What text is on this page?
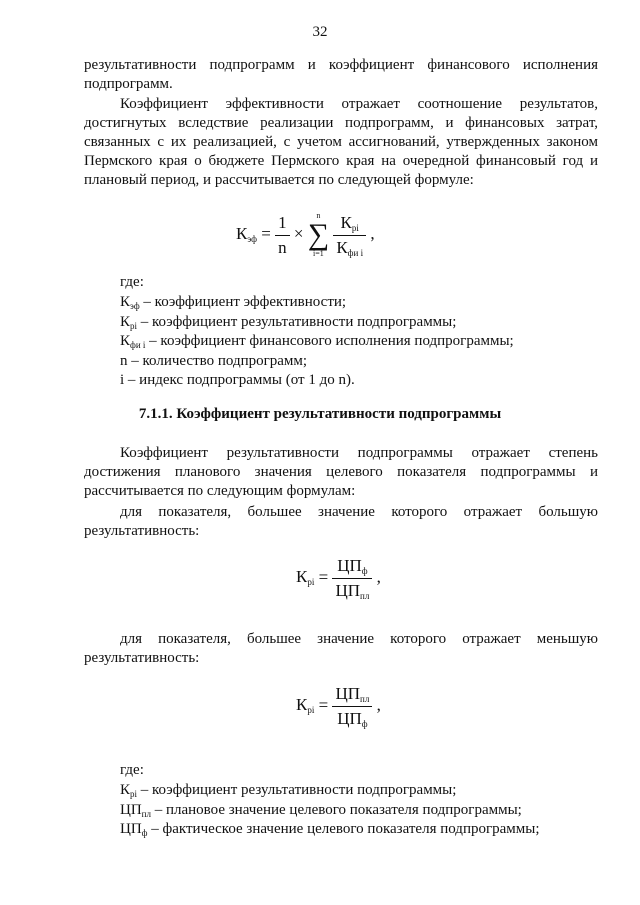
32

результативности подпрограмм и коэффициент финансового исполнения подпрограмм.

Коэффициент эффективности отражает соотношение результатов, достигнутых вследствие реализации подпрограмм, и финансовых затрат, связанных с их реализацией, с учетом ассигнований, утвержденных законом Пермского края о бюджете Пермского края на очередной финансовый год и плановый период, и рассчитывается по следующей формуле:

Кэф = $\frac{1}{n}$ ×
n
∑
i=1
$\frac{\text{Крi}}{\text{Кфи i}}$ ,
где:
$К_{эф}$ – коэффициент эффективности;
$К_{рi}$ – коэффициент результативности подпрограммы;
$К_{фи i}$ – коэффициент финансового исполнения подпрограммы;
n – количество подпрограмм;
i – индекс подпрограммы (от 1 до n).
7.1.1. Коэффициент результативности подпрограммы

Коэффициент результативности подпрограммы отражает степень достижения планового значения целевого показателя подпрограммы и рассчитывается по следующим формулам:

для показателя, большее значение которого отражает большую результативность:

Крi = $\frac{\text{ЦПф}}{\text{ЦПпл}}$ ,

для показателя, большее значение которого отражает меньшую результативность:

Крi = $\frac{\text{ЦПпл}}{\text{ЦПф}}$ ,
где:
$К_{рi}$ – коэффициент результативности подпрограммы;
$ЦП_{пл}$ – плановое значение целевого показателя подпрограммы;
$ЦП_ф$ – фактическое значение целевого показателя подпрограммы;
